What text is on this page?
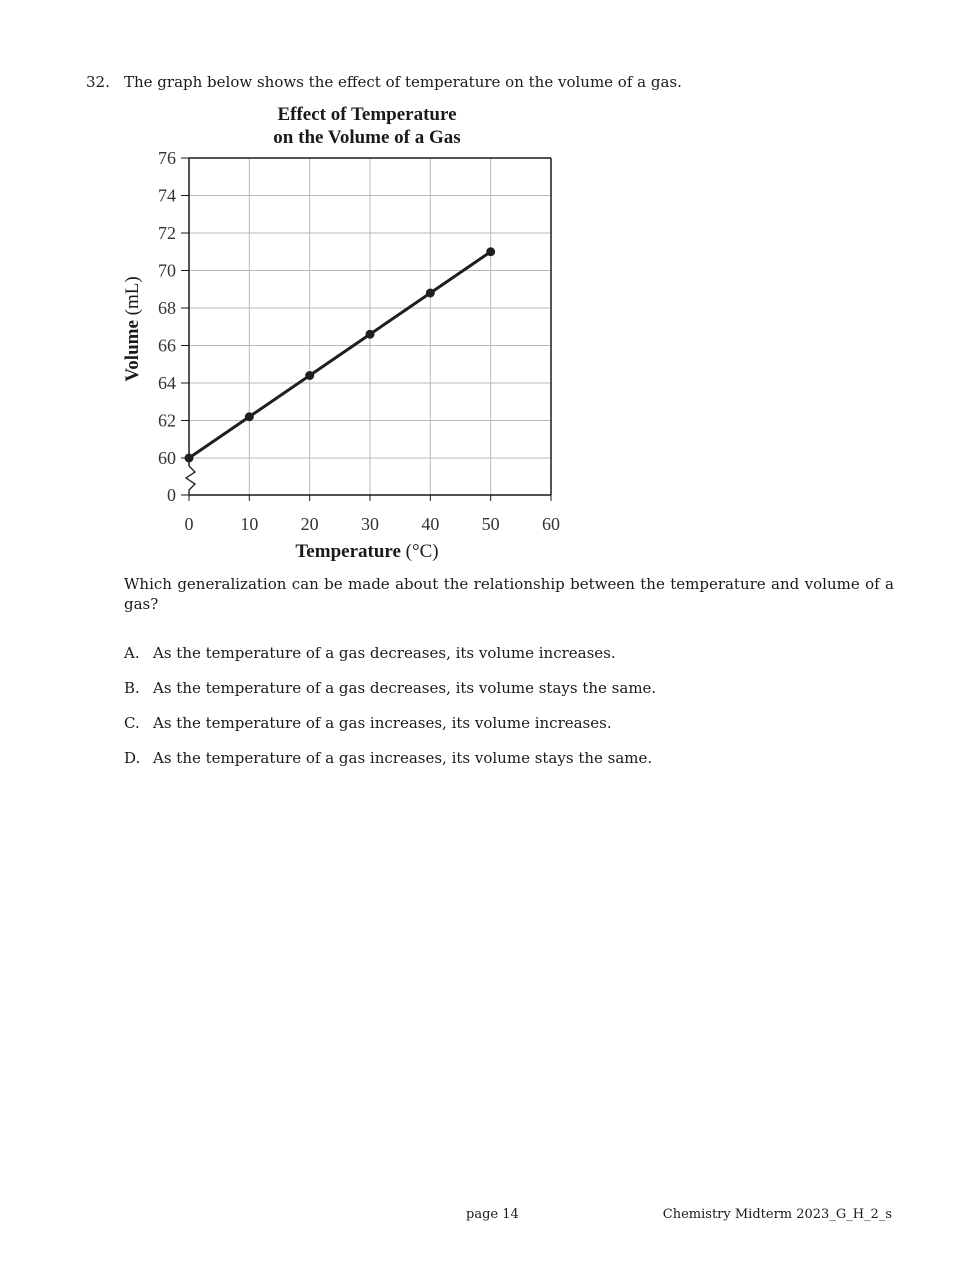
32. The graph below shows the effect of temperature on the volume of a gas.
Effect of Temperature
on the Volume of a Gas
60
62
64
66
68
70
72
74
76
0
0	10 20 30 40 50 60
Temperature (°C)
Volume (mL)
Which generalization can be made about the relationship between the temperature and volume of a gas?
A. As the temperature of a gas decreases, its volume increases.
B. As the temperature of a gas decreases, its volume stays the same.
C. As the temperature of a gas increases, its volume increases.
D. As the temperature of a gas increases, its volume stays the same.
page 14	Chemistry Midterm 2023_G_H_2_s
